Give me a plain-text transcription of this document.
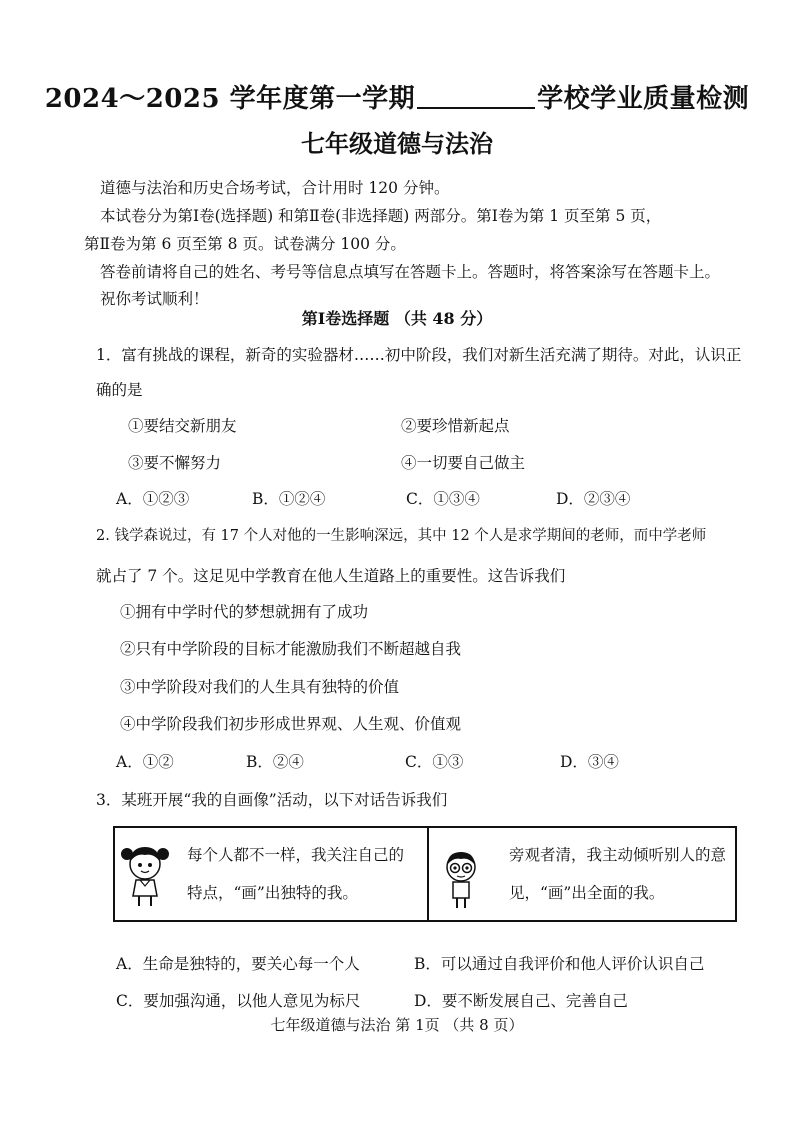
2024～2025 学年度第一学期	学校学业质量检测
七年级道德与法治
道德与法治和历史合场考试，合计用时 120 分钟。
本试卷分为第Ⅰ卷(选择题) 和第Ⅱ卷(非选择题) 两部分。第Ⅰ卷为第 1 页至第 5 页，
第Ⅱ卷为第 6 页至第 8 页。试卷满分 100 分。
答卷前请将自己的姓名、考号等信息点填写在答题卡上。答题时，将答案涂写在答题卡上。
祝你考试顺利！
第Ⅰ卷选择题 （共 48 分）
1．富有挑战的课程，新奇的实验器材……初中阶段，我们对新生活充满了期待。对此，认识正
确的是
①要结交新朋友	②要珍惜新起点
③要不懈努力	④一切要自己做主
A．①②③	B．①②④	C．①③④	D．②③④
2. 钱学森说过，有 17 个人对他的一生影响深远，其中 12 个人是求学期间的老师，而中学老师
就占了 7 个。这足见中学教育在他人生道路上的重要性。这告诉我们
①拥有中学时代的梦想就拥有了成功
②只有中学阶段的目标才能激励我们不断超越自我
③中学阶段对我们的人生具有独特的价值
④中学阶段我们初步形成世界观、人生观、价值观
A．①②	B．②④	C．①③	D．③④
3．某班开展“我的自画像”活动，以下对话告诉我们
每个人都不一样，我关注自己的特点，“画”出独特的我。
旁观者清，我主动倾听别人的意见，“画”出全面的我。
A．生命是独特的，要关心每一个人	B．可以通过自我评价和他人评价认识自己
C．要加强沟通，以他人意见为标尺	D．要不断发展自己、完善自己
七年级道德与法治 第 1页 （共 8 页）
